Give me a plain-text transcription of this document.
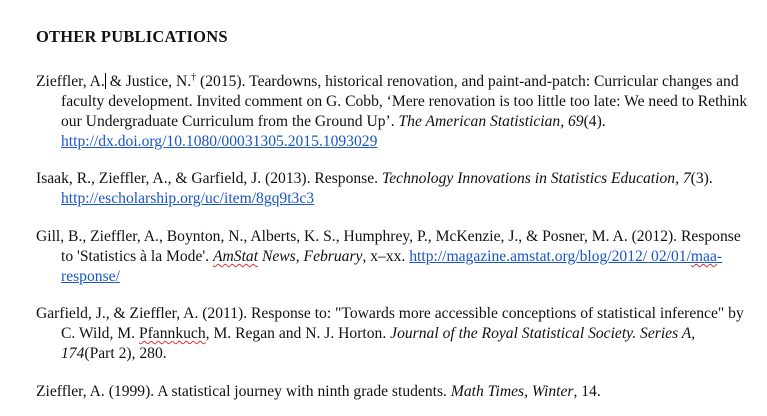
OTHER PUBLICATIONS
Zieffler, A. & Justice, N.† (2015). Teardowns, historical renovation, and paint-and-patch: Curricular changes and faculty development. Invited comment on G. Cobb, ‘Mere renovation is too little too late: We need to Rethink our Undergraduate Curriculum from the Ground Up’. The American Statistician, 69(4). http://dx.doi.org/10.1080/00031305.2015.1093029
Isaak, R., Zieffler, A., & Garfield, J. (2013). Response. Technology Innovations in Statistics Education, 7(3). http://escholarship.org/uc/item/8gq9t3c3
Gill, B., Zieffler, A., Boynton, N., Alberts, K. S., Humphrey, P., McKenzie, J., & Posner, M. A. (2012). Response to 'Statistics à la Mode'. AmStat News, February, x–xx. http://magazine.amstat.org/blog/2012/ 02/01/maa-response/
Garfield, J., & Zieffler, A. (2011). Response to: "Towards more accessible conceptions of statistical inference" by C. Wild, M. Pfannkuch, M. Regan and N. J. Horton. Journal of the Royal Statistical Society. Series A, 174(Part 2), 280.
Zieffler, A. (1999). A statistical journey with ninth grade students. Math Times, Winter, 14.
